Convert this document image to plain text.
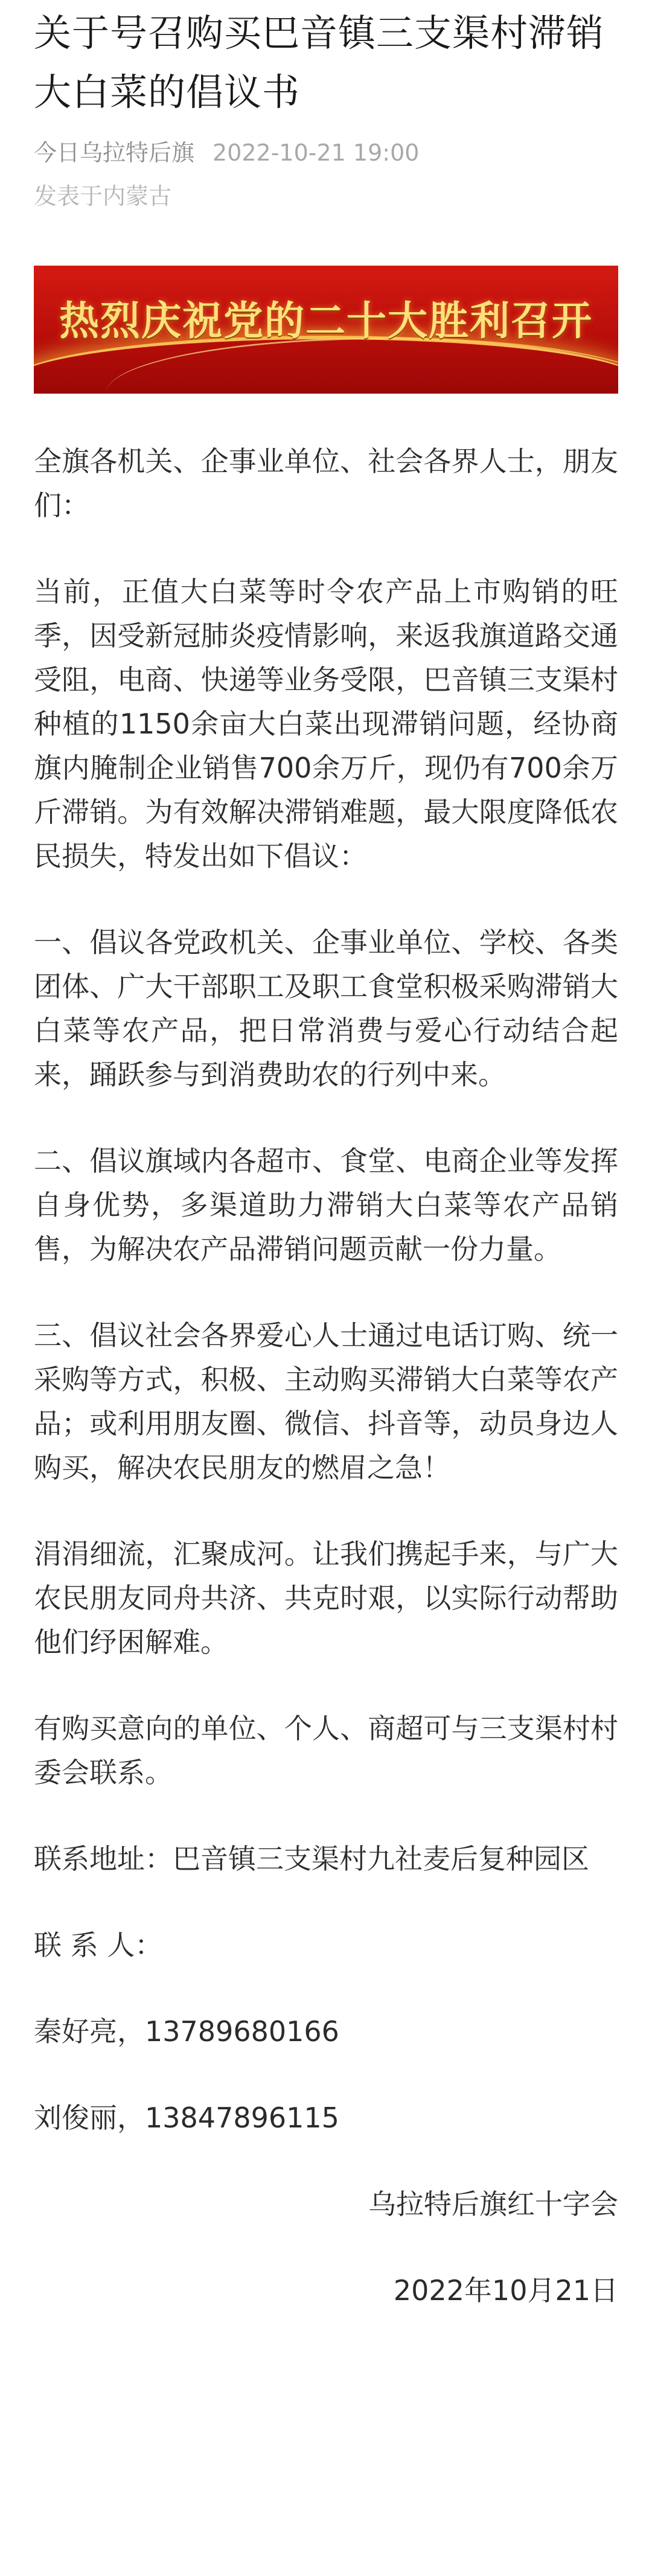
关于号召购买巴音镇三支渠村滞销大白菜的倡议书
今日乌拉特后旗 2022-10-21 19:00
发表于内蒙古
热烈庆祝党的二十大胜利召开

全旗各机关、企事业单位、社会各界人士，朋友们：

当前，正值大白菜等时令农产品上市购销的旺季，因受新冠肺炎疫情影响，来返我旗道路交通受阻，电商、快递等业务受限，巴音镇三支渠村种植的1150余亩大白菜出现滞销问题，经协商旗内腌制企业销售700余万斤，现仍有700余万斤滞销。为有效解决滞销难题，最大限度降低农民损失，特发出如下倡议：

一、倡议各党政机关、企事业单位、学校、各类团体、广大干部职工及职工食堂积极采购滞销大白菜等农产品，把日常消费与爱心行动结合起来，踊跃参与到消费助农的行列中来。

二、倡议旗域内各超市、食堂、电商企业等发挥自身优势，多渠道助力滞销大白菜等农产品销售，为解决农产品滞销问题贡献一份力量。

三、倡议社会各界爱心人士通过电话订购、统一采购等方式，积极、主动购买滞销大白菜等农产品；或利用朋友圈、微信、抖音等，动员身边人购买，解决农民朋友的燃眉之急！

涓涓细流，汇聚成河。让我们携起手来，与广大农民朋友同舟共济、共克时艰，以实际行动帮助他们纾困解难。

有购买意向的单位、个人、商超可与三支渠村村委会联系。

联系地址：巴音镇三支渠村九社麦后复种园区

联 系 人：

秦好亮，13789680166

刘俊丽，13847896115

乌拉特后旗红十字会

2022年10月21日
